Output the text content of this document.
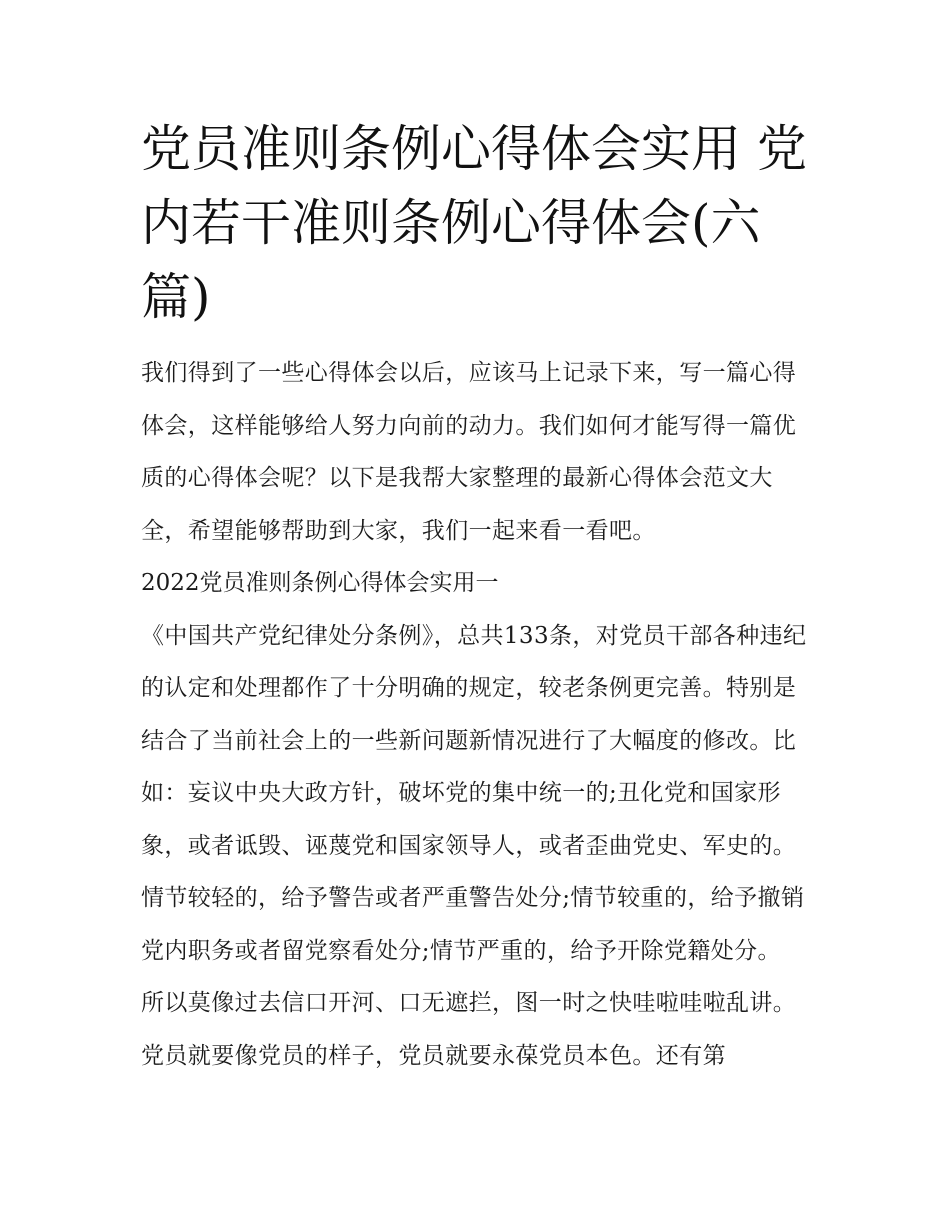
党员准则条例心得体会实用 党内若干准则条例心得体会(六篇)

我们得到了一些心得体会以后，应该马上记录下来，写一篇心得体会，这样能够给人努力向前的动力。我们如何才能写得一篇优质的心得体会呢？以下是我帮大家整理的最新心得体会范文大全，希望能够帮助到大家，我们一起来看一看吧。

2022党员准则条例心得体会实用一

《中国共产党纪律处分条例》，总共133条，对党员干部各种违纪的认定和处理都作了十分明确的规定，较老条例更完善。特别是结合了当前社会上的一些新问题新情况进行了大幅度的修改。比如：妄议中央大政方针，破坏党的集中统一的;丑化党和国家形象，或者诋毁、诬蔑党和国家领导人，或者歪曲党史、军史的。情节较轻的，给予警告或者严重警告处分;情节较重的，给予撤销党内职务或者留党察看处分;情节严重的，给予开除党籍处分。

所以莫像过去信口开河、口无遮拦，图一时之快哇啦哇啦乱讲。党员就要像党员的样子，党员就要永葆党员本色。还有第
